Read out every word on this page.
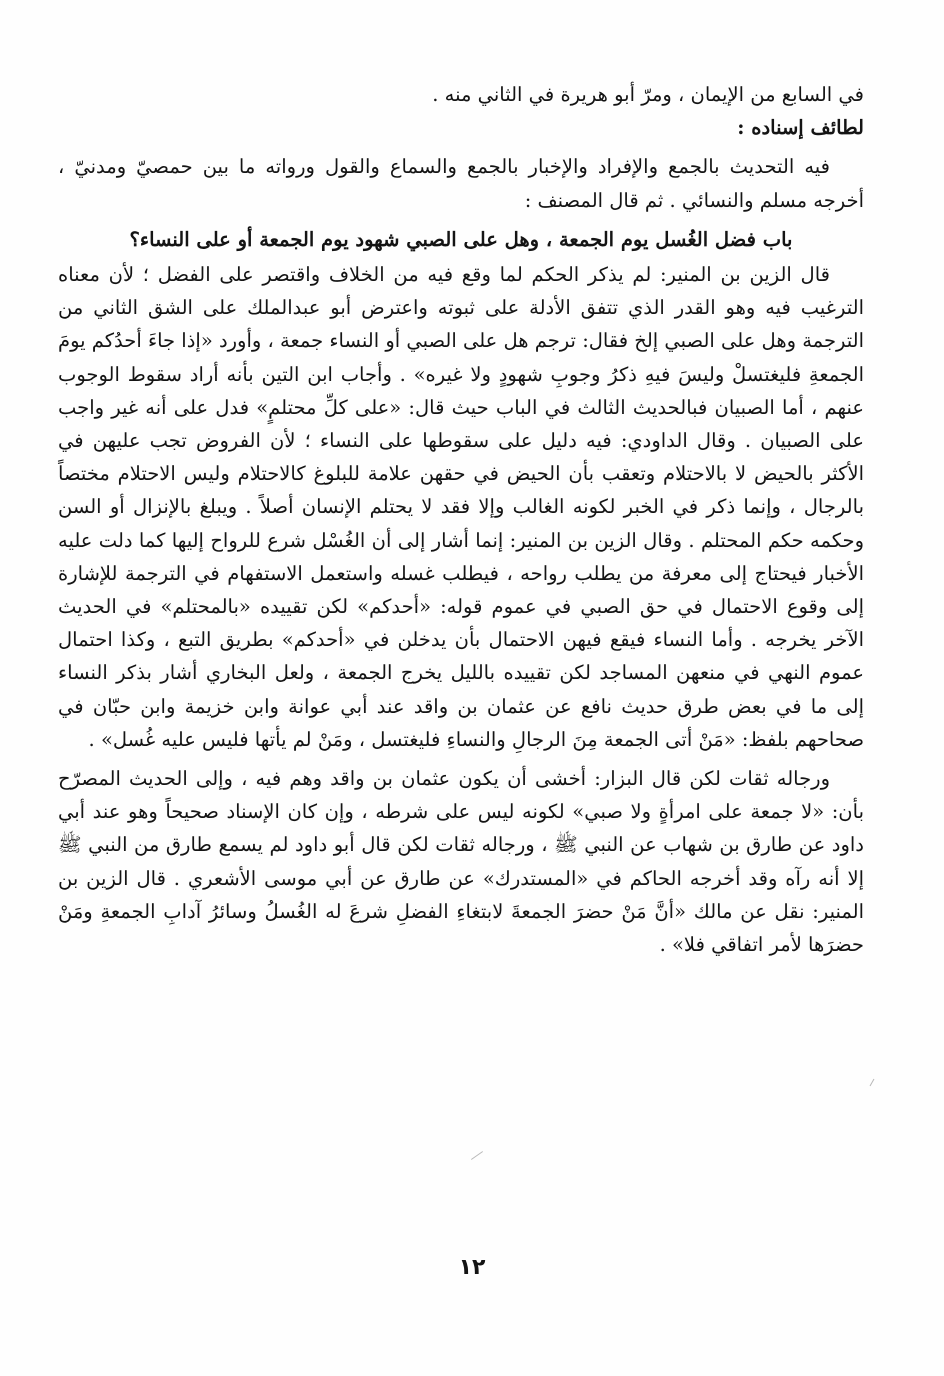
في السابع من الإيمان ، ومرّ أبو هريرة في الثاني منه .

لطائف إسناده :

فيه التحديث بالجمع والإفراد والإخبار بالجمع والسماع والقول ورواته ما بين حمصيّ ومدنيّ ، أخرجه مسلم والنسائي . ثم قال المصنف :

باب فضل الغُسل يوم الجمعة ، وهل على الصبي شهود يوم الجمعة أو على النساء؟

قال الزين بن المنير: لم يذكر الحكم لما وقع فيه من الخلاف واقتصر على الفضل ؛ لأن معناه الترغيب فيه وهو القدر الذي تتفق الأدلة على ثبوته واعترض أبو عبدالملك على الشق الثاني من الترجمة وهل على الصبي إلخ فقال: ترجم هل على الصبي أو النساء جمعة ، وأورد «إذا جاءَ أحدُكم يومَ الجمعةِ فليغتسلْ وليسَ فيهِ ذكرُ وجوبِ شهودٍ ولا غيره» . وأجاب ابن التين بأنه أراد سقوط الوجوب عنهم ، أما الصبيان فبالحديث الثالث في الباب حيث قال: «على كلِّ محتلمٍ» فدل على أنه غير واجب على الصبيان . وقال الداودي: فيه دليل على سقوطها على النساء ؛ لأن الفروض تجب عليهن في الأكثر بالحيض لا بالاحتلام وتعقب بأن الحيض في حقهن علامة للبلوغ كالاحتلام وليس الاحتلام مختصاً بالرجال ، وإنما ذكر في الخبر لكونه الغالب وإلا فقد لا يحتلم الإنسان أصلاً . ويبلغ بالإنزال أو السن وحكمه حكم المحتلم . وقال الزين بن المنير: إنما أشار إلى أن الغُسْل شرع للرواح إليها كما دلت عليه الأخبار فيحتاج إلى معرفة من يطلب رواحه ، فيطلب غسله واستعمل الاستفهام في الترجمة للإشارة إلى وقوع الاحتمال في حق الصبي في عموم قوله: «أحدكم» لكن تقييده «بالمحتلم» في الحديث الآخر يخرجه . وأما النساء فيقع فيهن الاحتمال بأن يدخلن في «أحدكم» بطريق التبع ، وكذا احتمال عموم النهي في منعهن المساجد لكن تقييده بالليل يخرج الجمعة ، ولعل البخاري أشار بذكر النساء إلى ما في بعض طرق حديث نافع عن عثمان بن واقد عند أبي عوانة وابن خزيمة وابن حبّان في صحاحهم بلفظ: «مَنْ أتى الجمعة مِنَ الرجالِ والنساءِ فليغتسل ، ومَنْ لم يأتها فليس عليه غُسل» .

ورجاله ثقات لكن قال البزار: أخشى أن يكون عثمان بن واقد وهم فيه ، وإلى الحديث المصرّح بأن: «لا جمعة على امرأةٍ ولا صبي» لكونه ليس على شرطه ، وإن كان الإسناد صحيحاً وهو عند أبي داود عن طارق بن شهاب عن النبي ﷺ ، ورجاله ثقات لكن قال أبو داود لم يسمع طارق من النبي ﷺ إلا أنه رآه وقد أخرجه الحاكم في «المستدرك» عن طارق عن أبي موسى الأشعري . قال الزين بن المنير: نقل عن مالك «أنَّ مَنْ حضرَ الجمعةَ لابتغاءِ الفضلِ شرعَ له الغُسلُ وسائرُ آدابِ الجمعةِ ومَنْ حضرَها لأمر اتفاقي فلا» .

١٢
